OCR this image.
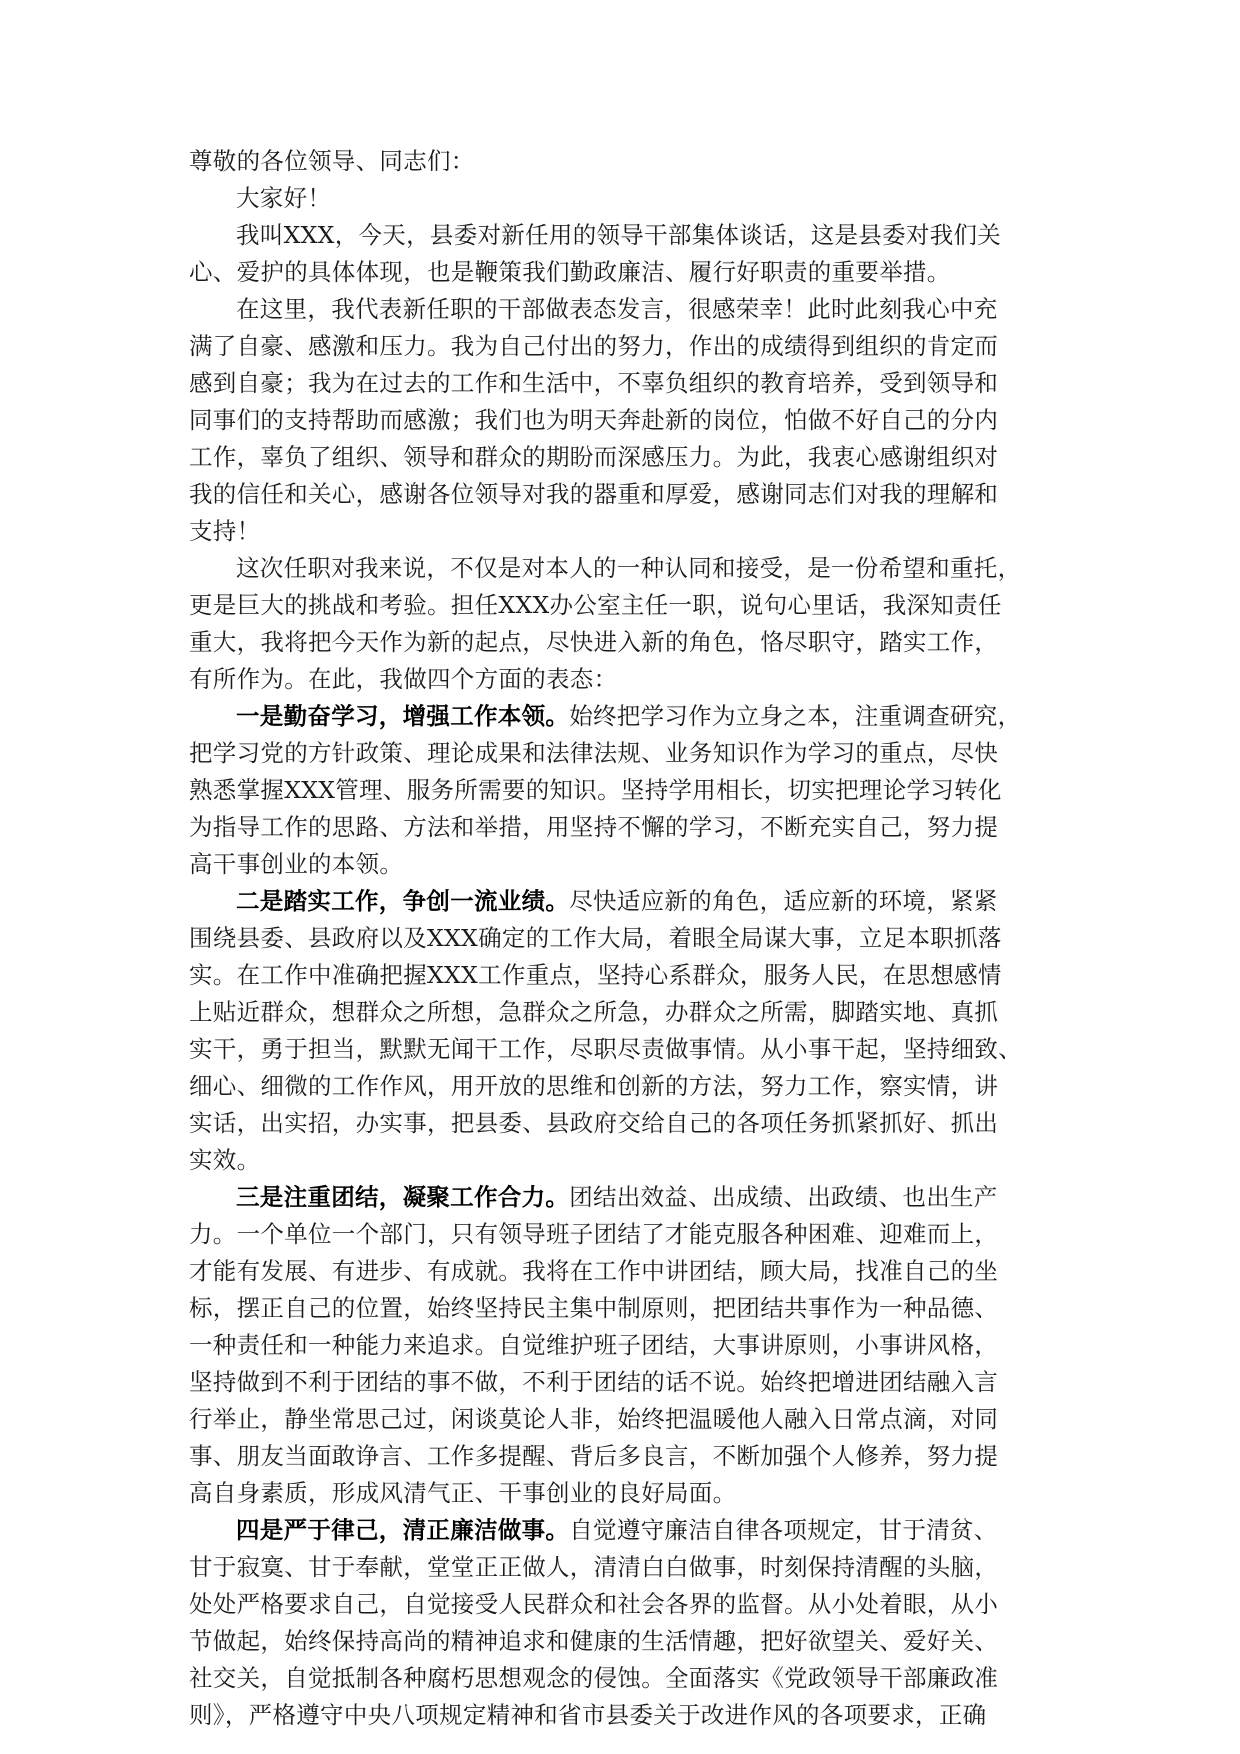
尊敬的各位领导、同志们：
大家好！
我叫XXX，今天，县委对新任用的领导干部集体谈话，这是县委对我们关
心、爱护的具体体现，也是鞭策我们勤政廉洁、履行好职责的重要举措。
在这里，我代表新任职的干部做表态发言，很感荣幸！此时此刻我心中充
满了自豪、感激和压力。我为自己付出的努力，作出的成绩得到组织的肯定而
感到自豪；我为在过去的工作和生活中，不辜负组织的教育培养，受到领导和
同事们的支持帮助而感激；我们也为明天奔赴新的岗位，怕做不好自己的分内
工作，辜负了组织、领导和群众的期盼而深感压力。为此，我衷心感谢组织对
我的信任和关心，感谢各位领导对我的器重和厚爱，感谢同志们对我的理解和
支持！
这次任职对我来说，不仅是对本人的一种认同和接受，是一份希望和重托，
更是巨大的挑战和考验。担任XXX办公室主任一职，说句心里话，我深知责任
重大，我将把今天作为新的起点，尽快进入新的角色，恪尽职守，踏实工作，
有所作为。在此，我做四个方面的表态：
一是勤奋学习，增强工作本领。始终把学习作为立身之本，注重调查研究，
把学习党的方针政策、理论成果和法律法规、业务知识作为学习的重点，尽快
熟悉掌握XXX管理、服务所需要的知识。坚持学用相长，切实把理论学习转化
为指导工作的思路、方法和举措，用坚持不懈的学习，不断充实自己，努力提
高干事创业的本领。
二是踏实工作，争创一流业绩。尽快适应新的角色，适应新的环境，紧紧
围绕县委、县政府以及XXX确定的工作大局，着眼全局谋大事，立足本职抓落
实。在工作中准确把握XXX工作重点，坚持心系群众，服务人民，在思想感情
上贴近群众，想群众之所想，急群众之所急，办群众之所需，脚踏实地、真抓
实干，勇于担当，默默无闻干工作，尽职尽责做事情。从小事干起，坚持细致、
细心、细微的工作作风，用开放的思维和创新的方法，努力工作，察实情，讲
实话，出实招，办实事，把县委、县政府交给自己的各项任务抓紧抓好、抓出
实效。
三是注重团结，凝聚工作合力。团结出效益、出成绩、出政绩、也出生产
力。一个单位一个部门，只有领导班子团结了才能克服各种困难、迎难而上，
才能有发展、有进步、有成就。我将在工作中讲团结，顾大局，找准自己的坐
标，摆正自己的位置，始终坚持民主集中制原则，把团结共事作为一种品德、
一种责任和一种能力来追求。自觉维护班子团结，大事讲原则，小事讲风格，
坚持做到不利于团结的事不做，不利于团结的话不说。始终把增进团结融入言
行举止，静坐常思己过，闲谈莫论人非，始终把温暖他人融入日常点滴，对同
事、朋友当面敢诤言、工作多提醒、背后多良言，不断加强个人修养，努力提
高自身素质，形成风清气正、干事创业的良好局面。
四是严于律己，清正廉洁做事。自觉遵守廉洁自律各项规定，甘于清贫、
甘于寂寞、甘于奉献，堂堂正正做人，清清白白做事，时刻保持清醒的头脑，
处处严格要求自己，自觉接受人民群众和社会各界的监督。从小处着眼，从小
节做起，始终保持高尚的精神追求和健康的生活情趣，把好欲望关、爱好关、
社交关，自觉抵制各种腐朽思想观念的侵蚀。全面落实《党政领导干部廉政准
则》，严格遵守中央八项规定精神和省市县委关于改进作风的各项要求，正确
